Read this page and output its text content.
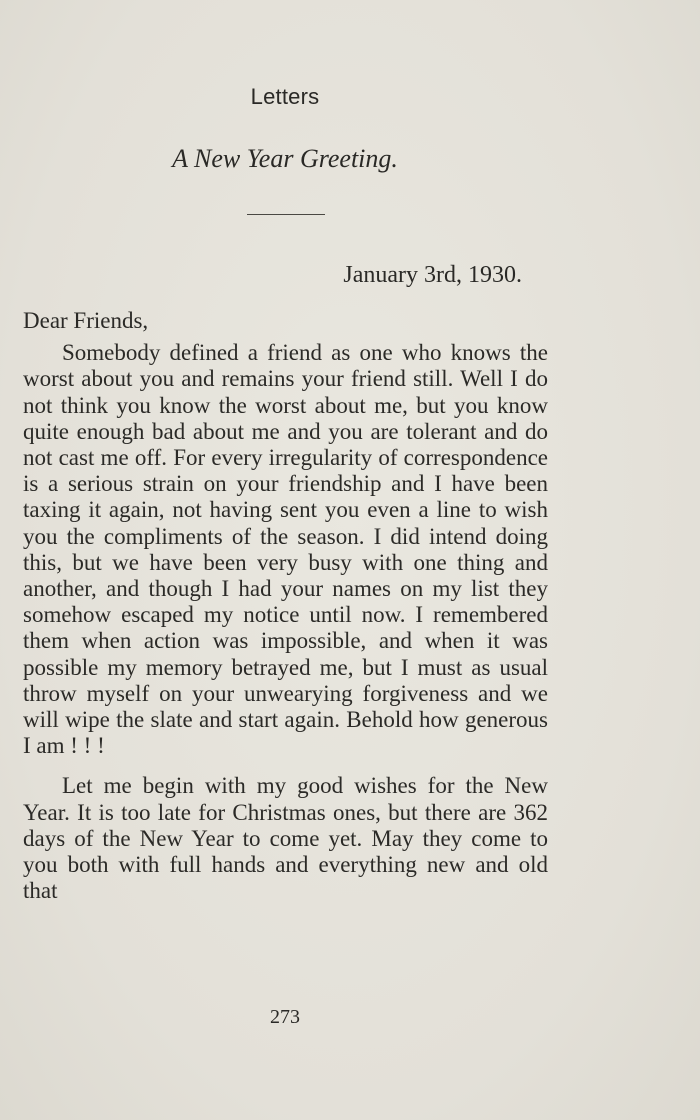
Letters
A New Year Greeting.
January 3rd, 1930.

Dear Friends,

Somebody defined a friend as one who knows the worst about you and remains your friend still. Well I do not think you know the worst about me, but you know quite enough bad about me and you are tolerant and do not cast me off. For every irregularity of correspondence is a serious strain on your friendship and I have been taxing it again, not having sent you even a line to wish you the compliments of the season. I did intend doing this, but we have been very busy with one thing and another, and though I had your names on my list they somehow escaped my notice until now. I remembered them when action was impossible, and when it was possible my memory betrayed me, but I must as usual throw myself on your unwearying forgiveness and we will wipe the slate and start again. Behold how generous I am ! ! !

Let me begin with my good wishes for the New Year. It is too late for Christmas ones, but there are 362 days of the New Year to come yet. May they come to you both with full hands and everything new and old that

273
